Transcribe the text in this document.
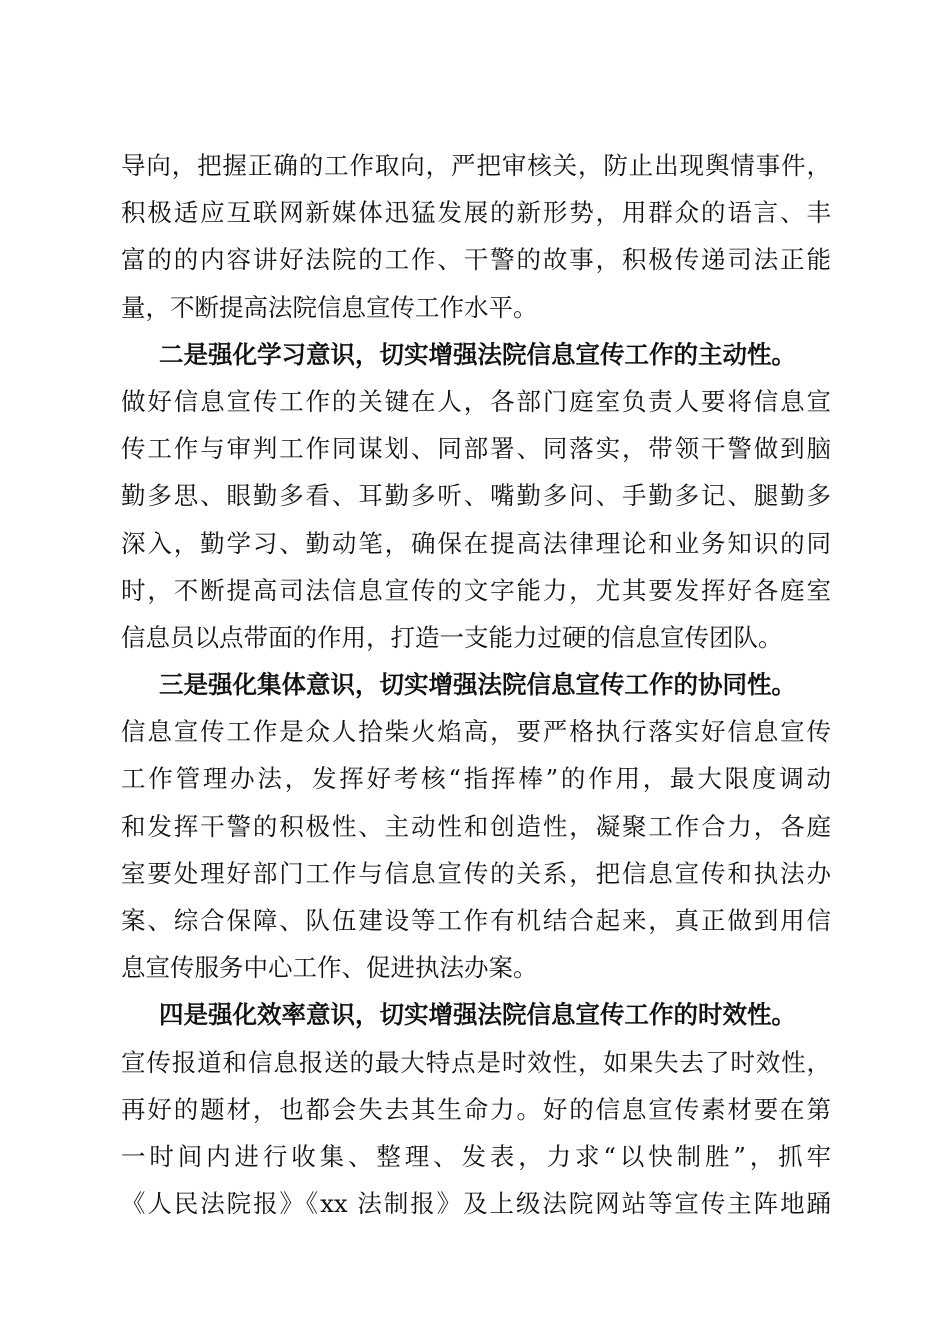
导向，把握正确的工作取向，严把审核关，防止出现舆情事件，
积极适应互联网新媒体迅猛发展的新形势，用群众的语言、丰
富的的内容讲好法院的工作、干警的故事，积极传递司法正能
量，不断提高法院信息宣传工作水平。
二是强化学习意识，切实增强法院信息宣传工作的主动性。
做好信息宣传工作的关键在人，各部门庭室负责人要将信息宣
传工作与审判工作同谋划、同部署、同落实，带领干警做到脑
勤多思、眼勤多看、耳勤多听、嘴勤多问、手勤多记、腿勤多
深入，勤学习、勤动笔，确保在提高法律理论和业务知识的同
时，不断提高司法信息宣传的文字能力，尤其要发挥好各庭室
信息员以点带面的作用，打造一支能力过硬的信息宣传团队。
三是强化集体意识，切实增强法院信息宣传工作的协同性。
信息宣传工作是众人拾柴火焰高，要严格执行落实好信息宣传
工作管理办法，发挥好考核“指挥棒”的作用，最大限度调动
和发挥干警的积极性、主动性和创造性，凝聚工作合力，各庭
室要处理好部门工作与信息宣传的关系，把信息宣传和执法办
案、综合保障、队伍建设等工作有机结合起来，真正做到用信
息宣传服务中心工作、促进执法办案。
四是强化效率意识，切实增强法院信息宣传工作的时效性。
宣传报道和信息报送的最大特点是时效性，如果失去了时效性，
再好的题材，也都会失去其生命力。好的信息宣传素材要在第
一时间内进行收集、整理、发表，力求“以快制胜”，抓牢
《人民法院报》《xx 法制报》及上级法院网站等宣传主阵地踊
